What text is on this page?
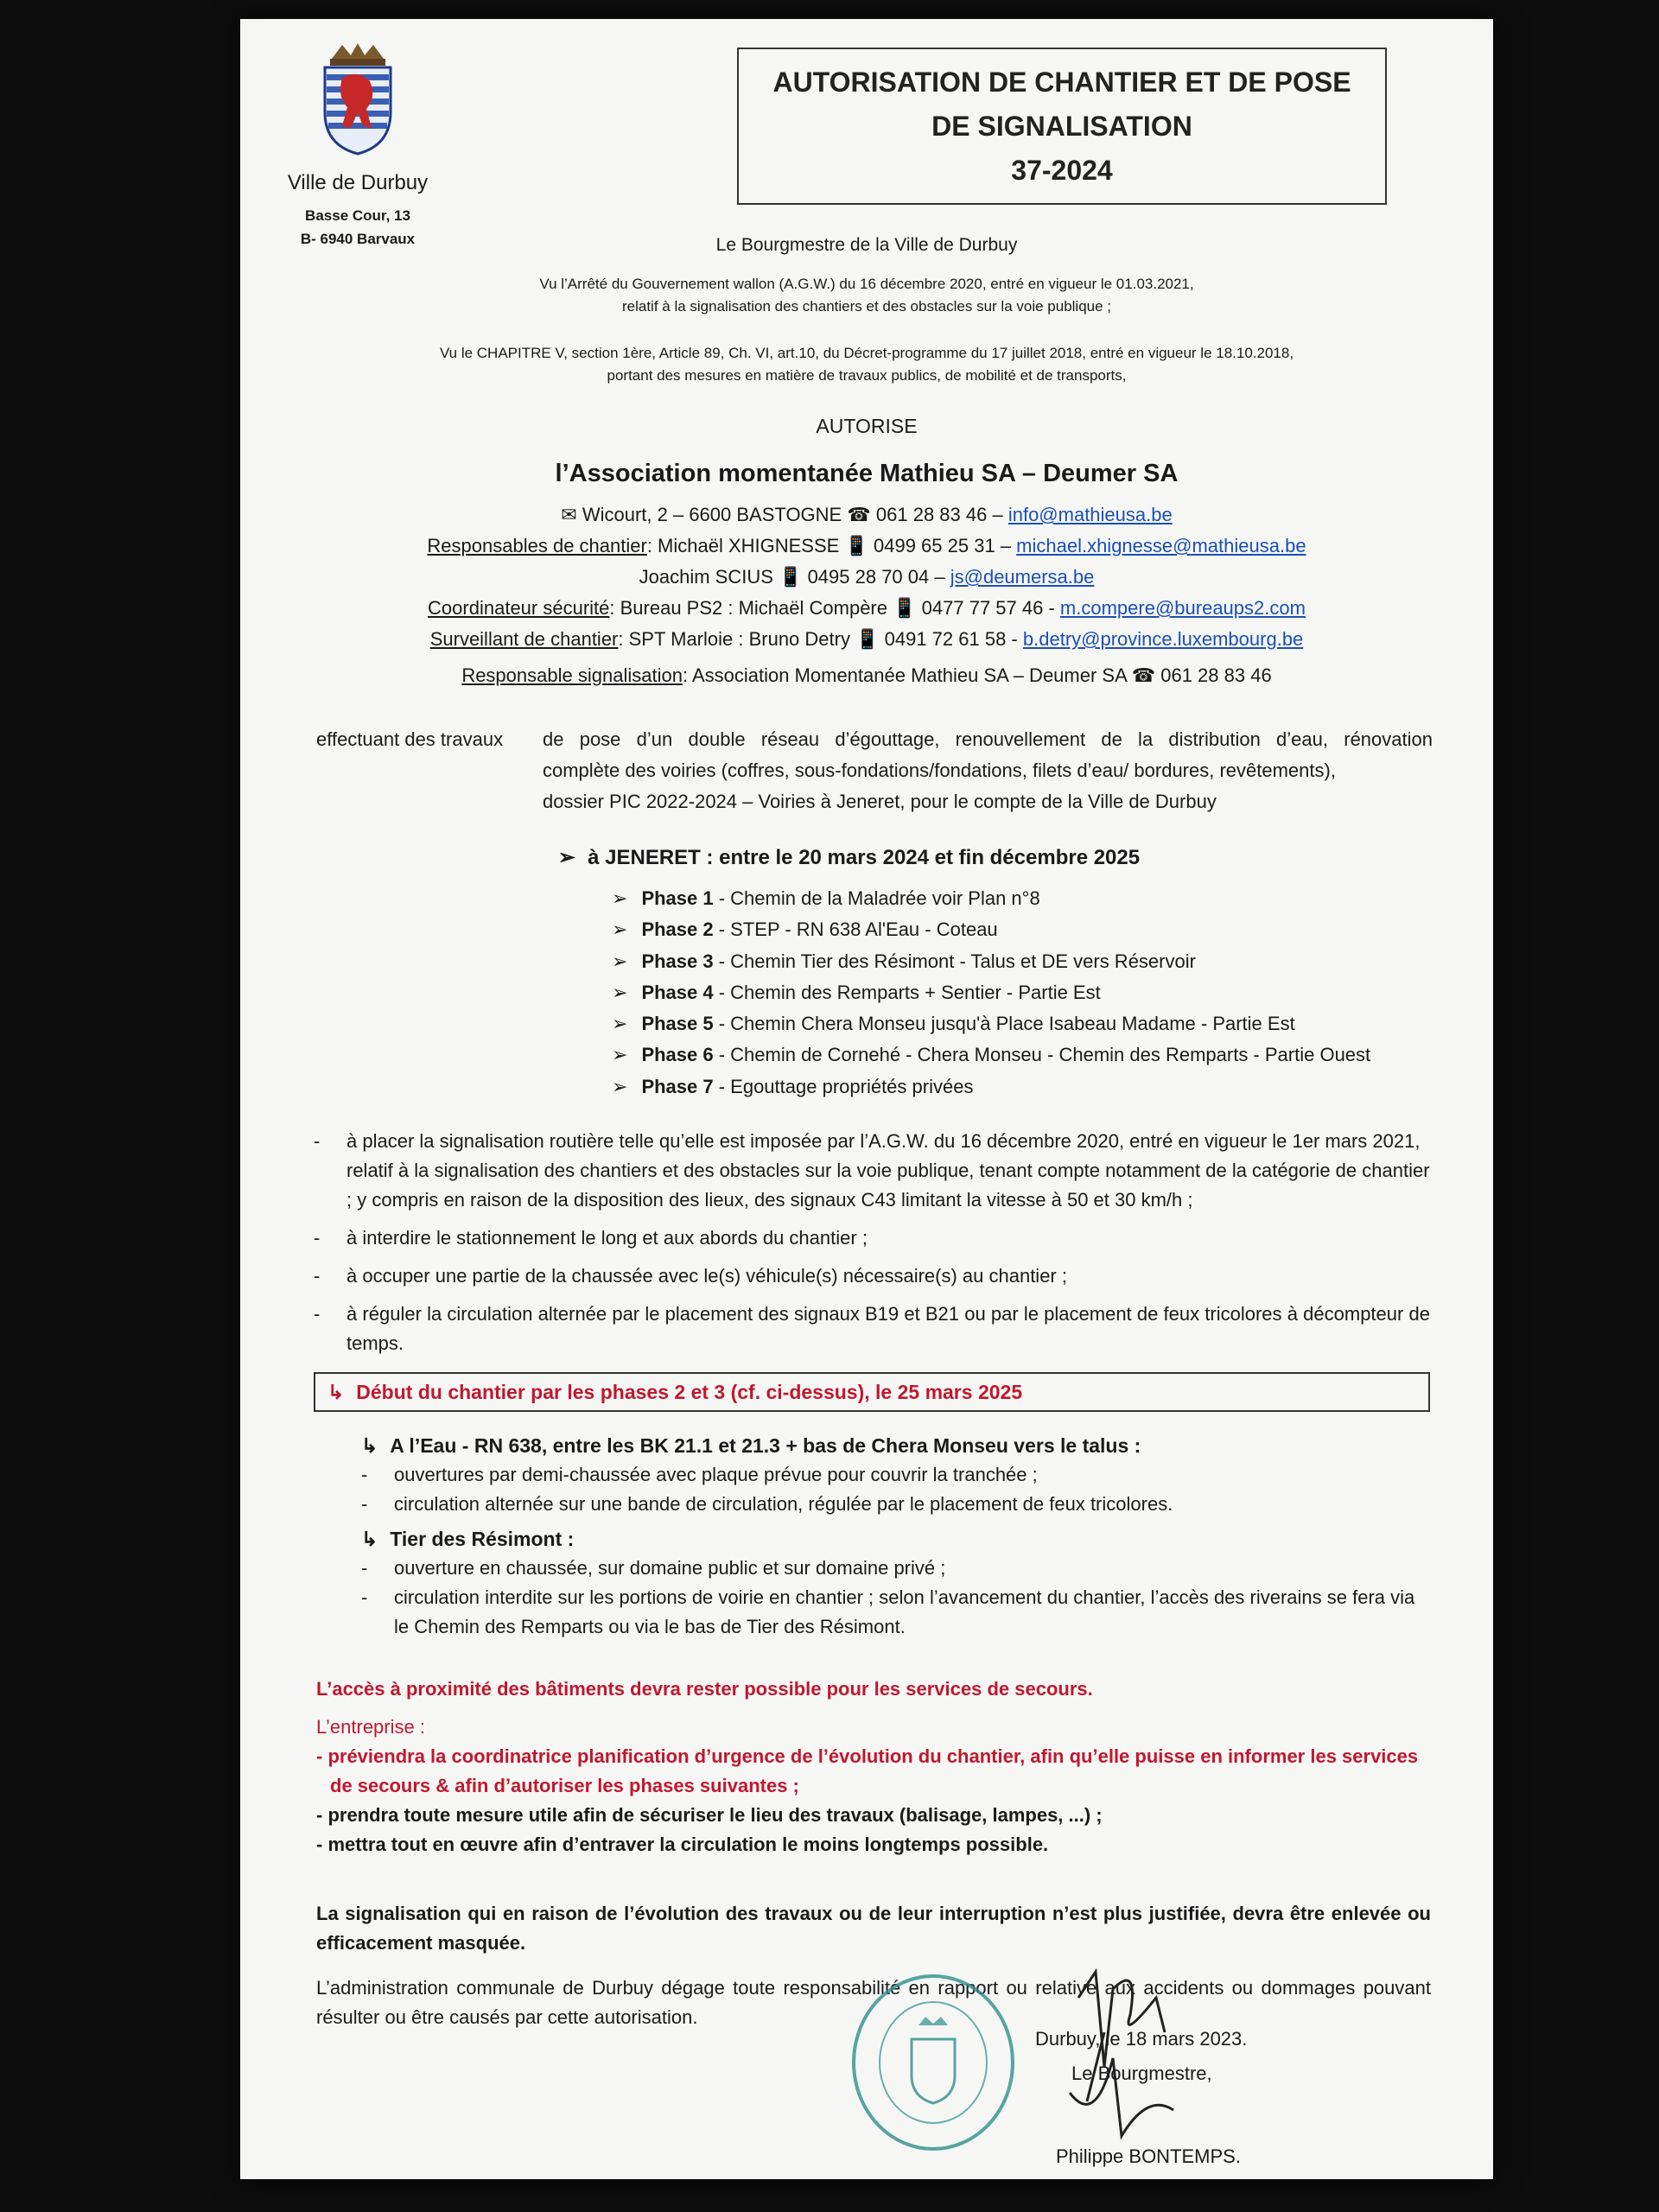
Ville de Durbuy
Basse Cour, 13
B- 6940 Barvaux
AUTORISATION DE CHANTIER ET DE POSE
DE SIGNALISATION
37-2024
Le Bourgmestre de la Ville de Durbuy
Vu l’Arrêté du Gouvernement wallon (A.G.W.) du 16 décembre 2020, entré en vigueur le 01.03.2021,
relatif à la signalisation des chantiers et des obstacles sur la voie publique ;
Vu le CHAPITRE V, section 1ère, Article 89, Ch. VI, art.10, du Décret-programme du 17 juillet 2018, entré en vigueur le 18.10.2018,
portant des mesures en matière de travaux publics, de mobilité et de transports,
AUTORISE
l’Association momentanée Mathieu SA – Deumer SA
✉ Wicourt, 2 – 6600 BASTOGNE ☎ 061 28 83 46 – info@mathieusa.be
Responsables de chantier: Michaël XHIGNESSE 📱 0499 65 25 31 – michael.xhignesse@mathieusa.be
Joachim SCIUS 📱 0495 28 70 04 – js@deumersa.be
Coordinateur sécurité: Bureau PS2 : Michaël Compère 📱 0477 77 57 46 - m.compere@bureaups2.com
Surveillant de chantier: SPT Marloie : Bruno Detry 📱 0491 72 61 58 - b.detry@province.luxembourg.be
Responsable signalisation: Association Momentanée Mathieu SA – Deumer SA ☎ 061 28 83 46
effectuant des travaux de pose d’un double réseau d’égouttage, renouvellement de la distribution d’eau, rénovation
complète des voiries (coffres, sous-fondations/fondations, filets d’eau/ bordures, revêtements),
dossier PIC 2022-2024 – Voiries à Jeneret, pour le compte de la Ville de Durbuy
➢ à JENERET : entre le 20 mars 2024 et fin décembre 2025
➢ Phase 1 - Chemin de la Maladrée voir Plan n°8
➢ Phase 2 - STEP - RN 638 Al'Eau - Coteau
➢ Phase 3 - Chemin Tier des Résimont - Talus et DE vers Réservoir
➢ Phase 4 - Chemin des Remparts + Sentier - Partie Est
➢ Phase 5 - Chemin Chera Monseu jusqu'à Place Isabeau Madame - Partie Est
➢ Phase 6 - Chemin de Cornehé - Chera Monseu - Chemin des Remparts - Partie Ouest
➢ Phase 7 - Egouttage propriétés privées
- à placer la signalisation routière telle qu’elle est imposée par l’A.G.W. du 16 décembre 2020, entré en vigueur le 1er mars 2021, relatif à la signalisation des chantiers et des obstacles sur la voie publique, tenant compte notamment de la catégorie de chantier ; y compris en raison de la disposition des lieux, des signaux C43 limitant la vitesse à 50 et 30 km/h ;
- à interdire le stationnement le long et aux abords du chantier ;
- à occuper une partie de la chaussée avec le(s) véhicule(s) nécessaire(s) au chantier ;
- à réguler la circulation alternée par le placement des signaux B19 et B21 ou par le placement de feux tricolores à décompteur de temps.
↳ Début du chantier par les phases 2 et 3 (cf. ci-dessus), le 25 mars 2025
↳ A l’Eau - RN 638, entre les BK 21.1 et 21.3 + bas de Chera Monseu vers le talus :
- ouvertures par demi-chaussée avec plaque prévue pour couvrir la tranchée ;
- circulation alternée sur une bande de circulation, régulée par le placement de feux tricolores.
↳ Tier des Résimont :
- ouverture en chaussée, sur domaine public et sur domaine privé ;
- circulation interdite sur les portions de voirie en chantier ; selon l’avancement du chantier, l’accès des riverains se fera via le Chemin des Remparts ou via le bas de Tier des Résimont.
L’accès à proximité des bâtiments devra rester possible pour les services de secours.
L’entreprise :
- préviendra la coordinatrice planification d’urgence de l’évolution du chantier, afin qu’elle puisse en informer les services de secours & afin d’autoriser les phases suivantes ;
- prendra toute mesure utile afin de sécuriser le lieu des travaux (balisage, lampes, ...) ;
- mettra tout en œuvre afin d’entraver la circulation le moins longtemps possible.
La signalisation qui en raison de l’évolution des travaux ou de leur interruption n’est plus justifiée, devra être enlevée ou efficacement masquée.
L’administration communale de Durbuy dégage toute responsabilité en rapport ou relative aux accidents ou dommages pouvant résulter ou être causés par cette autorisation.
Durbuy, le 18 mars 2023.
Le Bourgmestre,
Philippe BONTEMPS.
